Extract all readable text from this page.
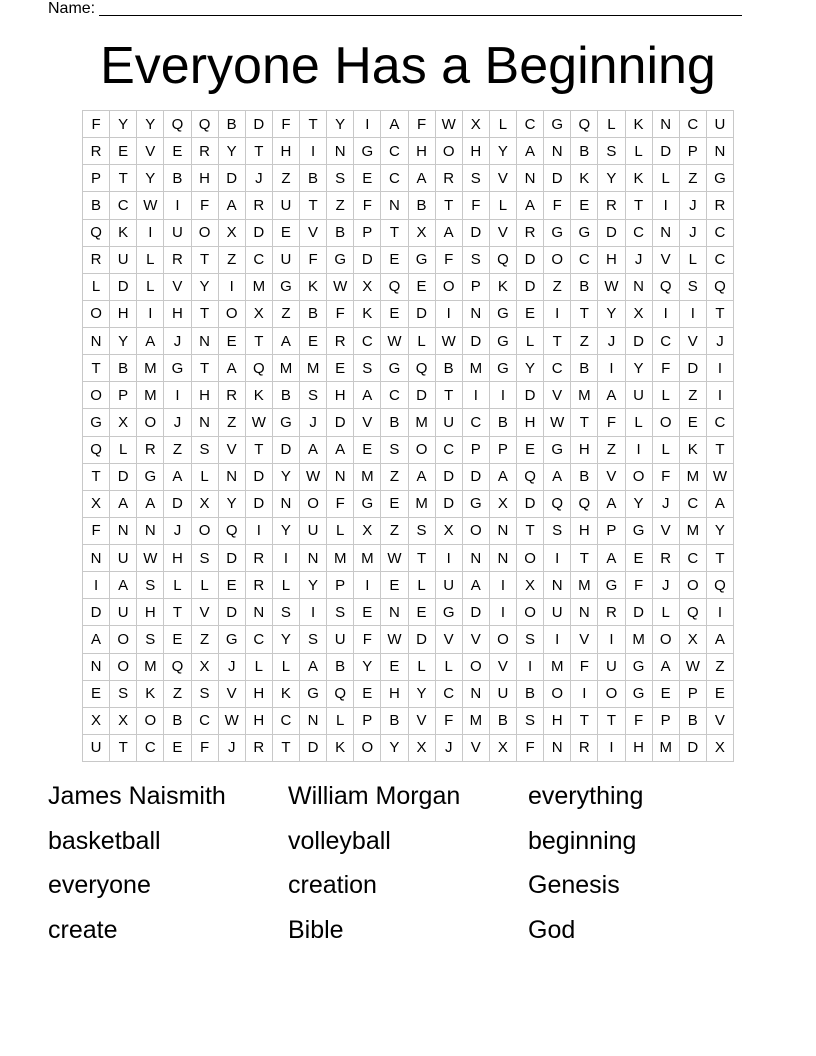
Name:
Everyone Has a Beginning
F	Y	Y	Q	Q	B	D	F	T	Y	I	A	F	W	X	L	C	G	Q	L	K	N	C	U
R	E	V	E	R	Y	T	H	I	N	G	C	H	O	H	Y	A	N	B	S	L	D	P	N
P	T	Y	B	H	D	J	Z	B	S	E	C	A	R	S	V	N	D	K	Y	K	L	Z	G
B	C W	I	F	A	R	U	T	Z	F	N	B	T	F	L	A	F	E	R	T	I	J	R
Q	K	I	U	O	X	D	E	V	B	P	T	X	A	D	V	R	G	G	D	C	N	J	C
R	U	L	R	T	Z	C	U	F	G	D	E	G	F	S	Q	D	O	C	H	J	V	L	C
L	D	L	V	Y	I	M	G	K	W	X	Q	E	O	P	K	D	Z	B	W N	Q	S	Q
O	H	I	H	T	O	X	Z	B	F	K	E	D	I	N	G	E	I	T	Y	X	I	I	T
N	Y	A	J	N	E	T	A	E	R	C W	L	W D	G	L	T	Z	J	D	C	V	J
T	B	M	G	T	A	Q	M M	E	S	G	Q	B	M	G	Y	C	B	I	Y	F	D	I
O	P	M	I	H	R	K	B	S	H	A	C	D	T	I	I	D	V	M	A	U	L	Z	I
G	X	O	J	N	Z	W G	J	D	V	B	M	U	C	B	H W	T	F	L	O	E	C
Q	L	R	Z	S	V	T	D	A	A	E	S	O	C	P	P	E	G	H	Z	I	L	K	T
T	D	G	A	L	N	D	Y	W N	M	Z	A	D	D	A	Q	A	B	V	O	F	M W
X	A	A	D	X	Y	D	N	O	F	G	E	M	D	G	X	D	Q	Q	A	Y	J	C	A
F	N	N	J	O	Q	I	Y	U	L	X	Z	S	X	O	N	T	S	H	P	G	V	M	Y
N	U W H	S	D	R	I	N	M M W	T	I	N	N	O	I	T	A	E	R	C	T
I	A	S	L	L	E	R	L	Y	P	I	E	L	U	A	I	X	N	M	G	F	J	O	Q
D	U	H	T	V	D	N	S	I	S	E	N	E	G	D	I	O	U	N	R	D	L	Q	I
A	O	S	E	Z	G	C	Y	S	U	F	W D	V	V	O	S	I	V	I	M	O	X	A
N	O	M	Q	X	J	L	L	A	B	Y	E	L	L	O	V	I	M	F	U	G	A	W	Z
E	S	K	Z	S	V	H	K	G	Q	E	H	Y	C	N	U	B	O	I	O	G	E	P	E
X	X	O	B	C W H	C	N	L	P	B	V	F	M	B	S	H	T	T	F	P	B	V
U	T	C	E	F	J	R	T	D	K	O	Y	X	J	V	X	F	N	R	I	H	M	D	X
James Naismith	William Morgan	everything
basketball	volleyball	beginning
everyone	creation	Genesis
create	Bible	God
